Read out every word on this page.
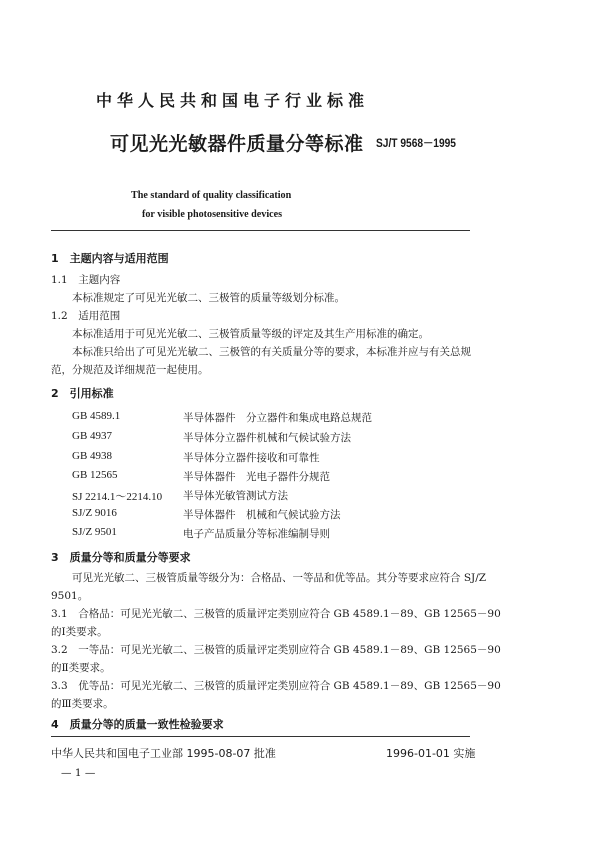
中华人民共和国电子行业标准
可见光光敏器件质量分等标准 SJ/T 9568－1995
The standard of quality classification
for visible photosensitive devices
1　主题内容与适用范围
1.1　主题内容
本标准规定了可见光光敏二、三极管的质量等级划分标准。
1.2　适用范围
本标准适用于可见光光敏二、三极管质量等级的评定及其生产用标准的确定。
本标准只给出了可见光光敏二、三极管的有关质量分等的要求，本标准并应与有关总规
范，分规范及详细规范一起使用。
2　引用标准
GB 4589.1	半导体器件　分立器件和集成电路总规范
GB 4937	半导体分立器件机械和气候试验方法
GB 4938	半导体分立器件接收和可靠性
GB 12565	半导体器件　光电子器件分规范
SJ 2214.1～2214.10 半导体光敏管测试方法
SJ/Z 9016	半导体器件　机械和气候试验方法
SJ/Z 9501	电子产品质量分等标准编制导则
3　质量分等和质量分等要求
可见光光敏二、三极管质量等级分为：合格品、一等品和优等品。其分等要求应符合 SJ/Z
9501。
3.1　合格品：可见光光敏二、三极管的质量评定类别应符合 GB 4589.1－89、GB 12565－90
的Ⅰ类要求。
3.2　一等品：可见光光敏二、三极管的质量评定类别应符合 GB 4589.1－89、GB 12565－90
的Ⅱ类要求。
3.3　优等品：可见光光敏二、三极管的质量评定类别应符合 GB 4589.1－89、GB 12565－90
的Ⅲ类要求。
4　质量分等的质量一致性检验要求
中华人民共和国电子工业部 1995-08-07 批准	1996-01-01 实施
— 1 —
